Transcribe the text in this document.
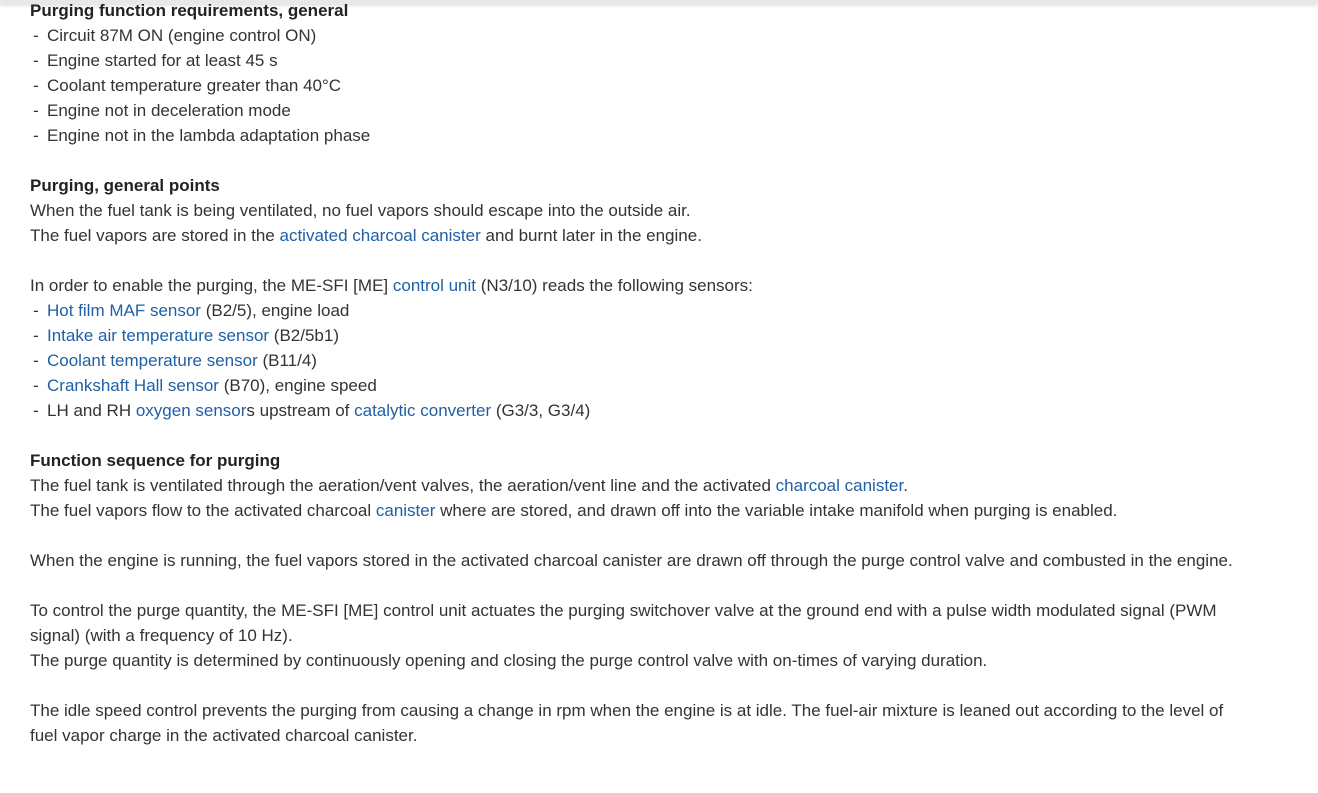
Purging function requirements, general

- Circuit 87M ON (engine control ON)
- Engine started for at least 45 s
- Coolant temperature greater than 40°C
- Engine not in deceleration mode
- Engine not in the lambda adaptation phase

Purging, general points

When the fuel tank is being ventilated, no fuel vapors should escape into the outside air.

The fuel vapors are stored in the activated charcoal canister and burnt later in the engine.

In order to enable the purging, the ME-SFI [ME] control unit (N3/10) reads the following sensors:

- Hot film MAF sensor (B2/5), engine load
- Intake air temperature sensor (B2/5b1)
- Coolant temperature sensor (B11/4)
- Crankshaft Hall sensor (B70), engine speed
- LH and RH oxygen sensors upstream of catalytic converter (G3/3, G3/4)

Function sequence for purging

The fuel tank is ventilated through the aeration/vent valves, the aeration/vent line and the activated charcoal canister.

The fuel vapors flow to the activated charcoal canister where are stored, and drawn off into the variable intake manifold when purging is enabled.

When the engine is running, the fuel vapors stored in the activated charcoal canister are drawn off through the purge control valve and combusted in the engine.

To control the purge quantity, the ME-SFI [ME] control unit actuates the purging switchover valve at the ground end with a pulse width modulated signal (PWM signal) (with a frequency of 10 Hz).

The purge quantity is determined by continuously opening and closing the purge control valve with on-times of varying duration.

The idle speed control prevents the purging from causing a change in rpm when the engine is at idle. The fuel-air mixture is leaned out according to the level of fuel vapor charge in the activated charcoal canister.
